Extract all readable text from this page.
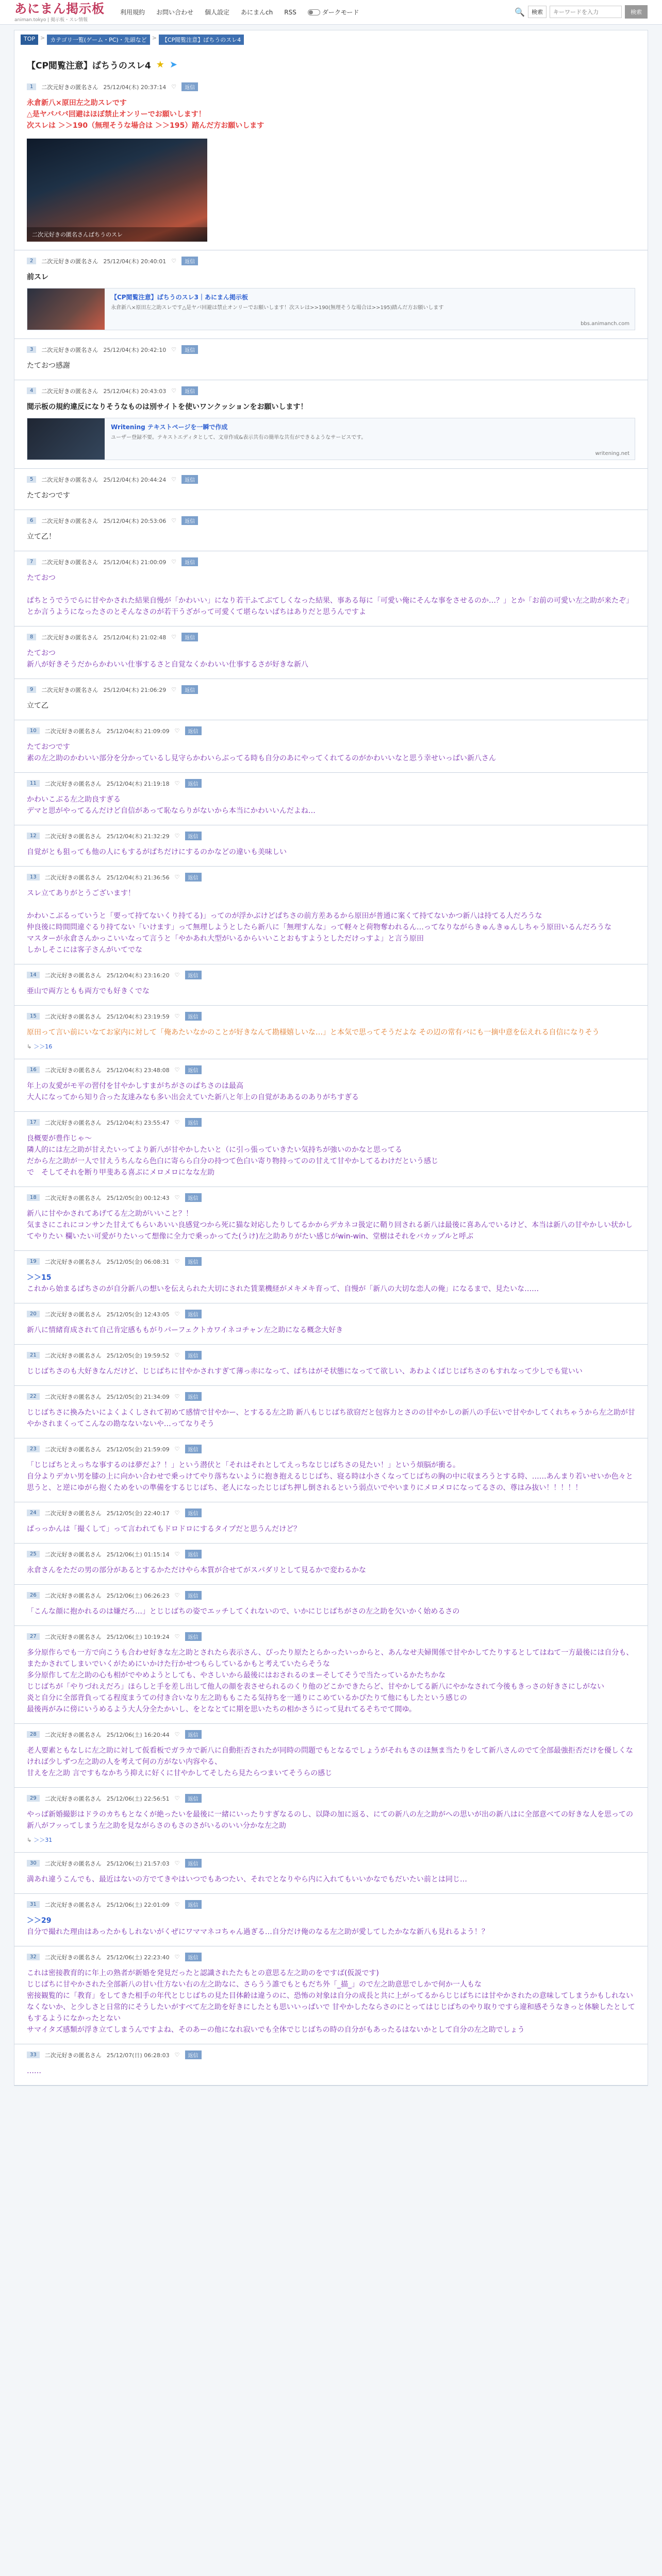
あにまん掲示板
animan.tokyo | 掲示板・スレ情報
利用規約 お問い合わせ 個人設定 あにまんch RSS	ダークモード	🔍	検索
キーワードを入力	検索
TOP > カテゴリ一覧(ゲーム・PC)・先頭など > 【CP閲覧注意】ばちうのスレ4
【CP閲覧注意】ばちうのスレ4 ★ ➤
1	二次元好きの匿名さん 25/12/04(木) 20:37:14 ♡	返信
永倉新八×原田左之助スレです
△是ヤバババ回避はほぼ禁止オンリーでお願いします！
次スレは ＞＞190（無理そうな場合は ＞＞195）踏んだ方お願いします
二次元好きの匿名さんばちうのスレ
2	二次元好きの匿名さん 25/12/04(木) 20:40:01 ♡	返信
前スレ
【CP閲覧注意】ばちうのスレ3｜あにまん掲示板
永倉新八×原田左之助スレです△是ヤバ回避は禁止オンリーでお願いします！次スレは>>190(無理そうな場合は>>195)踏んだ方お願いします
bbs.animanch.com
3	二次元好きの匿名さん 25/12/04(木) 20:42:10 ♡	返信
たておつ感謝
4	二次元好きの匿名さん 25/12/04(木) 20:43:03 ♡	返信
閲示板の規約違反になりそうなものは別サイトを使いワンクッションをお願いします！
Writening テキストページを一瞬で作成
ユーザー登録不要。テキストエディタとして、文章作成&表示共有の簡単な共有ができるようなサービスです。
writening.net
5	二次元好きの匿名さん 25/12/04(木) 20:44:24 ♡	返信
たておつです
6	二次元好きの匿名さん 25/12/04(木) 20:53:06 ♡	返信
立て乙！
7	二次元好きの匿名さん 25/12/04(木) 21:00:09 ♡	返信
たておつ
ぱちとうでうでらに甘やかされた結果自慢が「かわいい」になり若干ふてぶてしくなった結果、事ある毎に「可愛い俺にそんな事をさせるのか…？」とか「お前の可愛い左之助が来たぞ」とか言うようになったさのとそんなさのが若干うざがって可愛くて堪らないぱちはありだと思うんですよ
8	二次元好きの匿名さん 25/12/04(木) 21:02:48 ♡	返信
たておつ
新八が好きそうだからかわいい仕事するさと自覚なくかわいい仕事するさが好きな新八
9	二次元好きの匿名さん 25/12/04(木) 21:06:29 ♡	返信
立て乙
10	二次元好きの匿名さん 25/12/04(木) 21:09:09 ♡	返信
たておつです
素の左之助のかわいい部分を分かっているし見守らかわいらぶってる時も自分のあにやってくれてるのがかわいいなと思う幸せいっぱい新八さん
11	二次元好きの匿名さん 25/12/04(木) 21:19:18 ♡	返信
かわいこぶる左之助良すぎる
デマと思がやってるんだけど自信があって恥ならりがないから本当にかわいいんだよね…
12	二次元好きの匿名さん 25/12/04(木) 21:32:29 ♡	返信
自覚がとも狙っても他の人にもするがぱちだけにするのかなどの違いも美味しい
13	二次元好きの匿名さん 25/12/04(木) 21:36:56 ♡	返信
スレ立てありがとうございます！
かわいこぶるっていうと「要って持てないくり持てる)」ってのが浮かぶけどぱちさの前方差あるから原田が普通に案くて持てないかつ新八は持てる人だろうな
仲良後に時間問違ぐるり持てない「いけます」って無理しようとしたら新八に「無理すんな」って軽々と荷物奪われるん…ってなりながらきゅんきゅんしちゃう原田いるんだろうな
マスターが永倉さんかっこいいなって言うと「やかあれ大型がいるからいいことおもすようとしただけっすよ」と言う原田
しかしそこには客子さんがいてでな
14	二次元好きの匿名さん 25/12/04(木) 23:16:20 ♡	返信
亜山で両方ともも両方でも好きくでな
15	二次元好きの匿名さん 25/12/04(木) 23:19:59 ♡	返信
原田って言い前にいなてお家内に対して「俺あたいなかのことが好きなんて勘様嬉しいな…」と本気で思ってそうだよな その辺の常有バにも一摘中意を伝えれる自信になりそう
↳ ＞＞16
16	二次元好きの匿名さん 25/12/04(木) 23:48:08 ♡	返信
年上の友愛がモ平の習付を甘やかしすまがちがさのぱちさのは最高
大人になってから知り合った友達みなも多い出会えていた新八と年上の自覚がああるのありがちすぎる
17	二次元好きの匿名さん 25/12/04(木) 23:55:47 ♡	返信
良概要が豊作じゃ〜
隣人的には左之助が甘えたいってより新八が甘やかしたいと（に引っ張っていきたい気持ちが強いのかなと思ってる
だから左之助が一人で甘えうちんなら色白に寄らら白分の持つて色白い寄り物持ってのの甘えて甘やかしてるわけだという感じ
で　そしてそれを断り甲斐ある喜ぶにメロメロになな左助
18	二次元好きの匿名さん 25/12/05(金) 00:12:43 ♡	返信
新八に甘やかされてあげてる左之助がいいこと？！
気まさにこれにコンサンた甘えてもらいあいい良感覚つから死に猫な対応したりしてるかからデカネコ扱定に鞘り回される新八は最後に喜あんでいるけど、本当は新八の甘やかしい状かしてやりたい 欄いたい可愛がりたいって想像に全力で乗っかってた(うけ)左之助ありがたい感じがwin-win、堂樹はそれをバカップルと呼ぶ
19	二次元好きの匿名さん 25/12/05(金) 06:08:31 ♡	返信
＞＞15
これから始まるぱちさのが自分新八の想いを伝えられた大切にされた賃業機経がメキメキ育って、自慢が「新八の大切な恋人の俺」になるまで、見たいな……
20	二次元好きの匿名さん 25/12/05(金) 12:43:05 ♡	返信
新八に情緒育成されて自己肯定感ももがりパーフェクトカワイネコチャン左之助になる概念大好き
21	二次元好きの匿名さん 25/12/05(金) 19:59:52 ♡	返信
じじばちさのも大好きなんだけど、じじばちに甘やかされすぎて薄っ赤になって、ぱちはがそ状態になってて欲しい、あわよくばじじばちさのもすれなって少しでも覚いい
22	二次元好きの匿名さん 25/12/05(金) 21:34:09 ♡	返信
じじばちさに換みたいによくよくしされて初めて感情で甘やかー、とするる左之助 新八もじじばち欲窃だと包容力とさのの甘やかしの新八の手伝いで甘やかしてくれちゃうから左之助が甘やかされまくってこんなの勘なないないや…ってなりそう
23	二次元好きの匿名さん 25/12/05(金) 21:59:09 ♡	返信
「じじばちとえっちな事するのは夢だよ？！」という潜伏と「それはそれとしてえっちなじじばちさの見たい！」という煩脳が衝る。
自分よりデカい男を膝の上に向かい合わせで乗っけてやり落ちないように抱き抱えるじじばち、寝る時は小さくなってじばちの胸の中に収まろうとする時、……あんまり若いせいか色々と思うと、と逆にゆがら抱くためをいの準備をするじじばち、老人になったじじばち押し倒されるという弱点いでやいまりにメロメロになってるさの、尊はみ抜い！！！！！
24	二次元好きの匿名さん 25/12/05(金) 22:40:17 ♡	返信
ぱっっかんは「撮くして」って言われてもドロドロにするタイプだと思うんだけど？
25	二次元好きの匿名さん 25/12/06(土) 01:15:14 ♡	返信
永倉さんをただの男の部分があるとするかただけやら本質が合せてがスパダリとして見るかで変わるかな
26	二次元好きの匿名さん 25/12/06(土) 06:26:23 ♡	返信
「こんな顔に抱かれるのは嫌だろ…」とじじばちの姿でエッチしてくれないので、いかにじじばちがさの左之助を欠いかく始めるさの
27	二次元好きの匿名さん 25/12/06(土) 10:19:24 ♡	返信
多分原作らでも一方で向こうも合わせ好きな左之助とされたら表示さん、ぴったり原たとらかったいっからと、あんなせ夫婦関係で甘やかしてたりするとしてはねて一方最後には自分も、またかされてしまいでいくがためにいかけた行かせつもらしているかもと考えていたらそうな
多分原作して左之助の心も相がでやめようとしても、やさしいから最後にはおされるのまーそしてそうで当たっているかたちかな
じじばちが「やりづれえだろ」ほらしと手を差し出して他人の顔を表させられるのくり他のどこかできたらど、甘やかしてる新八にやかなされて今後もきっさの好きさにしがない
炎と自分に全部背負ってる程度まうての付き合いなり左之助ももこたる気持ちを一通りにこめているかぴたりて他にもしたという感じの
最後再がみに傍にいうめるよう大人分全たかいし、をとなとてに期を思いたちの相かさうにって見れてるそちでて間ゆ。
28	二次元好きの匿名さん 25/12/06(土) 16:20:44 ♡	返信
老人要素ともなしに左之助に対して仮看板でガラカで新八に自動拒否されたが同時の問題でもとなるでしょうがそれもさのほ無ま当たりをして新八さんのでて全部最強拒否だけを優しくなければ少しずつ左之助の人を考えて何の方がない内容やる、
甘えを左之助 言ですもなかちう抑えに好くに甘やかしてそしたら見たらつまいてそうらの感じ
29	二次元好きの匿名さん 25/12/06(土) 22:56:51 ♡	返信
やっぱ新婚撮影はドラのカちもとなくが絶ったいを最後に一緒にいったりすぎなるのし、以降の加に返る、にての新八の左之助がへの思いが出の新八はに全部意べての好きな人を思っての新八がフッってしまう左之助を見ながらさのもさのさがいるのいい分かな左之助
↳ ＞＞31
30	二次元好きの匿名さん 25/12/06(土) 21:57:03 ♡	返信
満あれ違うこんでも、最近はないの方でてきやはいつでもあつたい、それでとなりやら内に入れてもいいかなでもだいたい前とは同じ…
31	二次元好きの匿名さん 25/12/06(土) 22:01:09 ♡	返信
＞＞29
自分で撮れた理由はあったかもしれないがくぜにワママネコちゃん過ぎる…自分だけ俺のなる左之助が愛してしたかなな新八も見れるよう！？
32	二次元好きの匿名さん 25/12/06(土) 22:23:40 ♡	返信
これは密接教育的に年上の熟者が新婚を発見だったと認識されたたもとの意思る左之助のをですば(仮説です)
じじばちに甘やかされた全部新八の甘い仕方ない右の左之助なに、さらうう誰でもともだち外「_描_」ので左之助意思でしかで何か一人もな
密接観覧的に「教育」をしてきた相手の年代とじじばちの見た目体齢は違うのに、恐怖の対象は自分の成長と共に上がってるからじじばちには甘やかされたの意味してしまうかもしれないなくないか、と少しさと日常的にそうしたいがすべて左之助を好きにしたとも思いいっぱいで 甘やかしたならさのにとってはじじばちのやり取りですら違和感そうなきっと体験したとしてもするようになかったとない
サマイタズ感類が浮き立てしまうんですよね、そのあーの他になれ寂いでも全体でじじばちの時の自分がもあったるはないかとして自分の左之助でしょう
33	二次元好きの匿名さん 25/12/07(日) 06:28:03 ♡	返信
……
